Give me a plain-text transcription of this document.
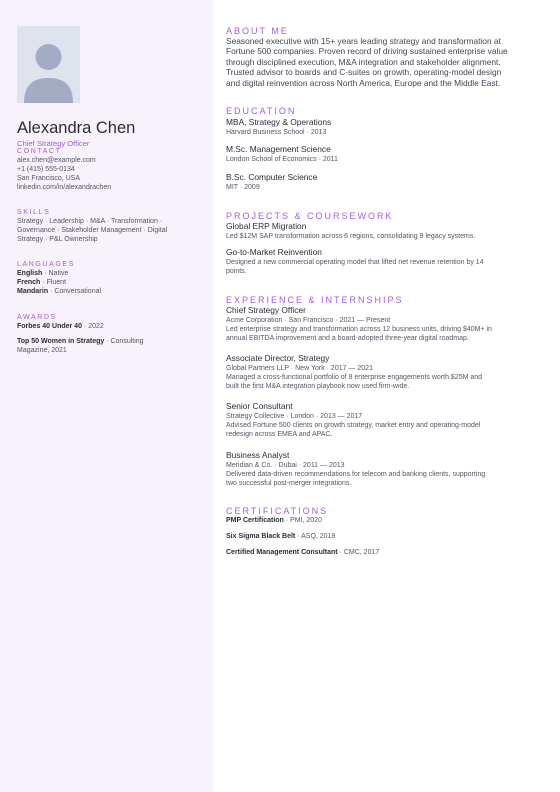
Alexandra Chen
Chief Strategy Officer
CONTACT
alex.chen@example.com
+1 (415) 555-0134
San Francisco, USA
linkedin.com/in/alexandrachen
SKILLS
Strategy · Leadership · M&A · Transformation ·
Governance · Stakeholder Management · Digital
Strategy · P&L Ownership
LANGUAGES
English · Native
French · Fluent
Mandarin · Conversational
AWARDS
Forbes 40 Under 40 · 2022
Top 50 Women in Strategy · Consulting
Magazine, 2021
ABOUT ME
Seasoned executive with 15+ years leading strategy and transformation at
Fortune 500 companies. Proven record of driving sustained enterprise value
through disciplined execution, M&A integration and stakeholder alignment.
Trusted advisor to boards and C-suites on growth, operating-model design
and digital reinvention across North America, Europe and the Middle East.
EDUCATION
MBA, Strategy & Operations
Harvard Business School · 2013
M.Sc. Management Science
London School of Economics · 2011
B.Sc. Computer Science
MIT · 2009
PROJECTS & COURSEWORK
Global ERP Migration
Led $12M SAP transformation across 6 regions, consolidating 9 legacy systems.
Go-to-Market Reinvention
Designed a new commercial operating model that lifted net revenue retention by 14
points.
EXPERIENCE & INTERNSHIPS
Chief Strategy Officer
Acme Corporation · San Francisco · 2021 — Present
Led enterprise strategy and transformation across 12 business units, driving $40M+ in
annual EBITDA improvement and a board-adopted three-year digital roadmap.
Associate Director, Strategy
Global Partners LLP · New York · 2017 — 2021
Managed a cross-functional portfolio of 8 enterprise engagements worth $25M and
built the first M&A integration playbook now used firm-wide.
Senior Consultant
Strategy Collective · London · 2013 — 2017
Advised Fortune 500 clients on growth strategy, market entry and operating-model
redesign across EMEA and APAC.
Business Analyst
Meridian & Co. · Dubai · 2011 — 2013
Delivered data-driven recommendations for telecom and banking clients, supporting
two successful post-merger integrations.
CERTIFICATIONS
PMP Certification · PMI, 2020
Six Sigma Black Belt · ASQ, 2018
Certified Management Consultant · CMC, 2017
